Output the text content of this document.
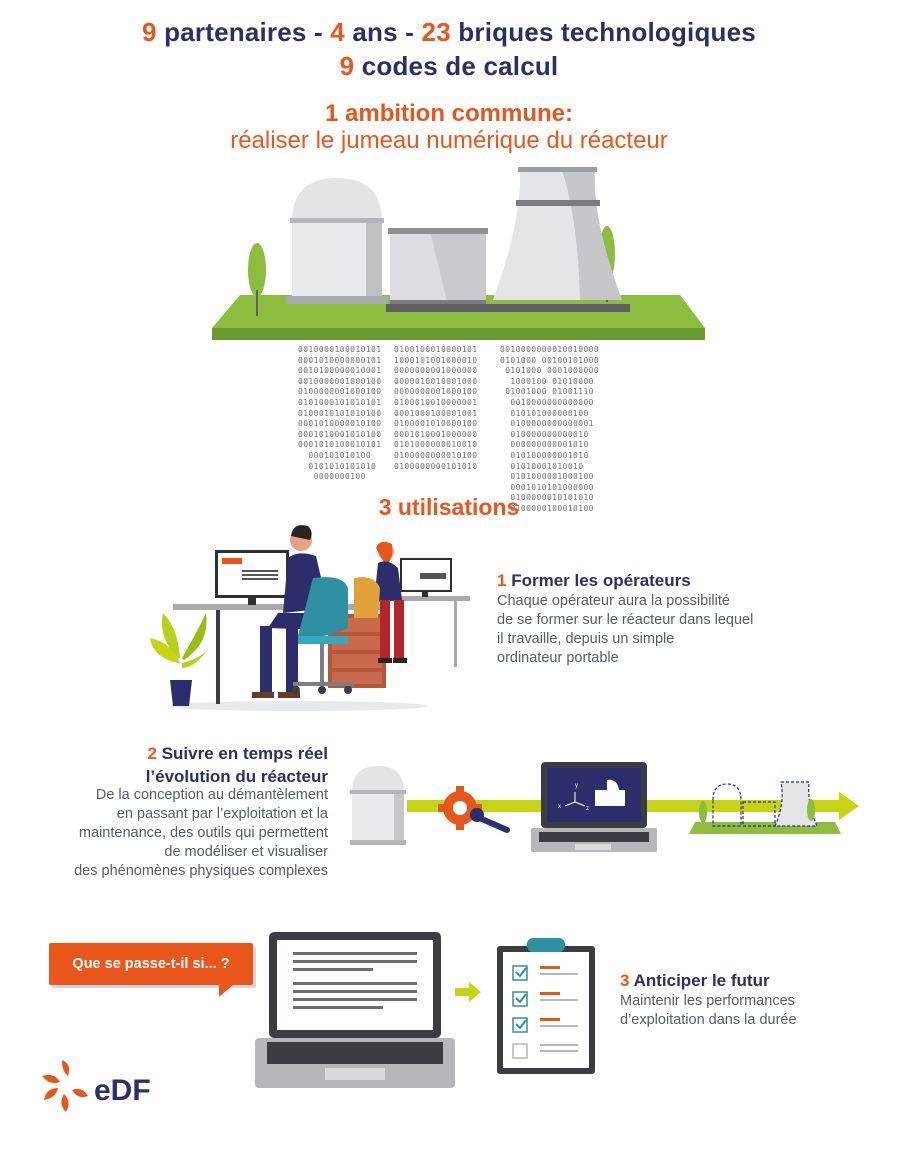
9 partenaires - 4 ans - 23 briques technologiques
9 codes de calcul
1 ambition commune:
réaliser le jumeau numérique du réacteur
0010000100010101
0001010000000101
0010100000010001
0010000001000100
0100000001000100
0101000101010101
0100010101010100
0001010000010100
0001010001010100
0001010100010101
000101010100
0101010101010
0000000100
0100100010000101
1000101001000010
0000000001000000
0000010010001000
0000000001000100
0100010010000001
0001000100001001
0100001010000100
0001010001000000
0101000000010010
0100000000010100
0100000000101010
0010000000010010000
0101000 00100101000
0101000 0001000000
1000100 01010000
01001000 01001110
0010000000000000
010101000000100
0100000000000001
010000000000010
000000000001010
010100000001010
01010001010010
0101000001000100
0001010101000000
0100000010101010
0100000100010100
3 utilisations
1 Former les opérateurs
Chaque opérateur aura la possibilité
de se former sur le réacteur dans lequel
il travaille, depuis un simple
ordinateur portable
2 Suivre en temps réel
l’évolution du réacteur
De la conception au démantèlement
en passant par l’exploitation et la
maintenance, des outils qui permettent
de modéliser et visualiser
des phénomènes physiques complexes
y
x	z
Que se passe-t-il si... ?
3 Anticiper le futur
Maintenir les performances
d’exploitation dans la durée
eDF
